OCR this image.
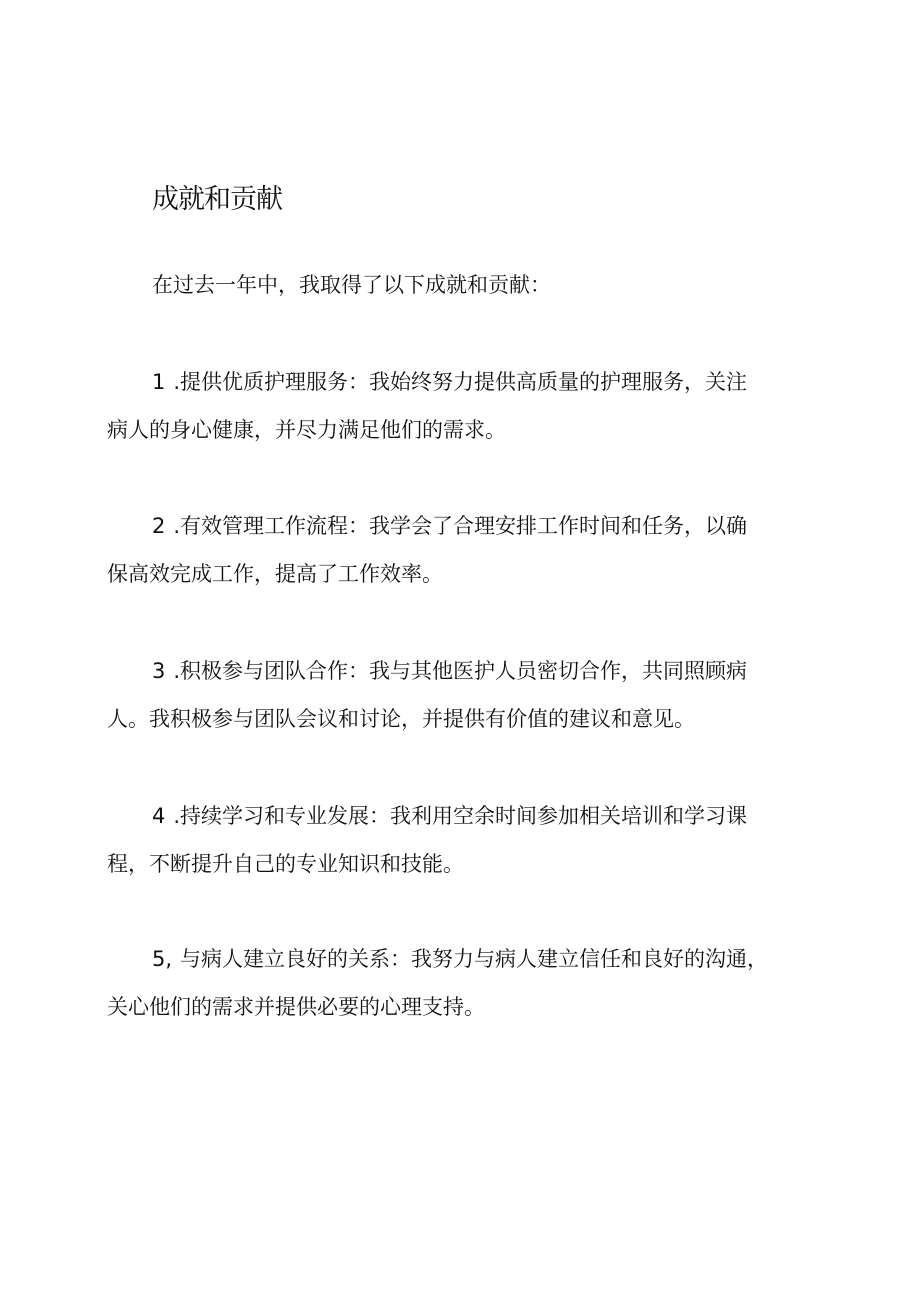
成就和贡献

在过去一年中，我取得了以下成就和贡献：

1 .提供优质护理服务：我始终努力提供高质量的护理服务，关注
病人的身心健康，并尽力满足他们的需求。

2 .有效管理工作流程：我学会了合理安排工作时间和任务，以确
保高效完成工作，提高了工作效率。

3 .积极参与团队合作：我与其他医护人员密切合作，共同照顾病
人。我积极参与团队会议和讨论，并提供有价值的建议和意见。

4 .持续学习和专业发展：我利用空余时间参加相关培训和学习课
程，不断提升自己的专业知识和技能。

5, 与病人建立良好的关系：我努力与病人建立信任和良好的沟通，
关心他们的需求并提供必要的心理支持。
